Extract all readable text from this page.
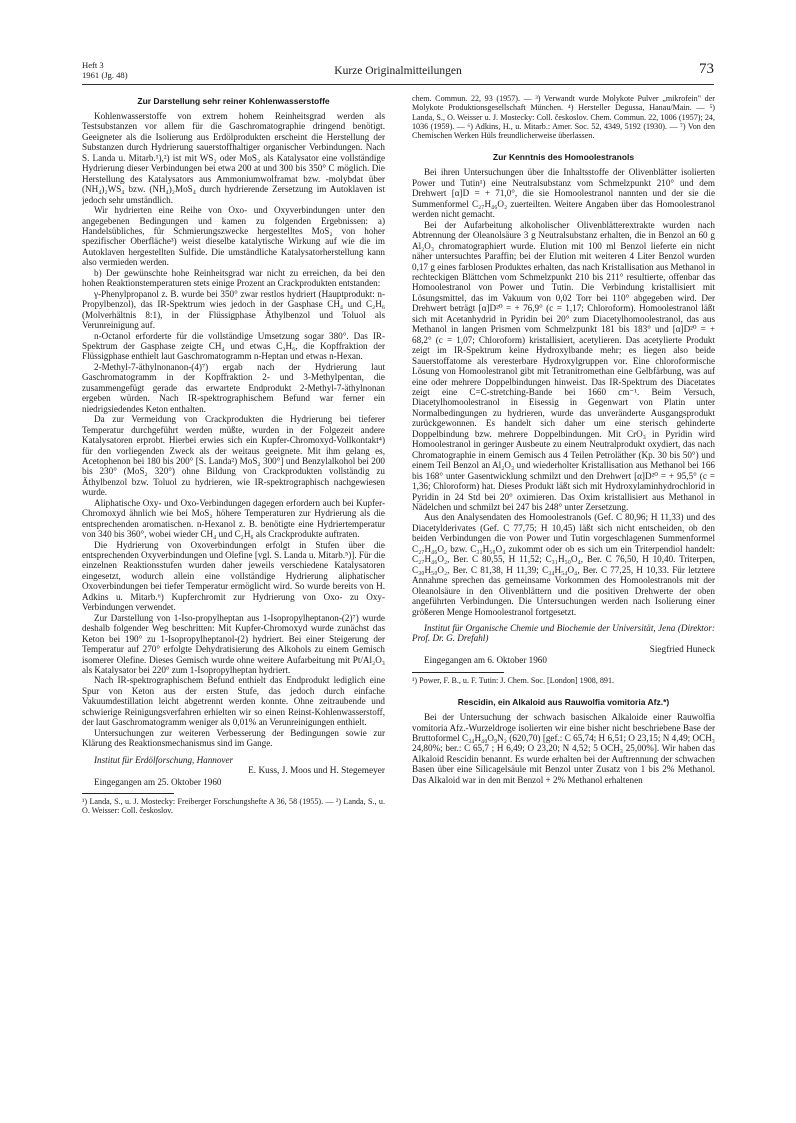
Heft 3
1961 (Jg. 48)	Kurze Originalmitteilungen	73
Zur Darstellung sehr reiner Kohlenwasserstoffe

Kohlenwasserstoffe von extrem hohem Reinheitsgrad werden als Testsubstanzen vor allem für die Gaschromatographie dringend benötigt. Geeigneter als die Isolierung aus Erdölprodukten erscheint die Herstellung der Substanzen durch Hydrierung sauerstoffhaltiger organischer Verbindungen. Nach S. Landa u. Mitarb.¹),²) ist mit WS₂ oder MoS₂ als Katalysator eine vollständige Hydrierung dieser Verbindungen bei etwa 200 at und 300 bis 350° C möglich. Die Herstellung des Katalysators aus Ammoniumwolframat bzw. -molybdat über (NH₄)₂WS₄ bzw. (NH₄)₂MoS₄ durch hydrierende Zersetzung im Autoklaven ist jedoch sehr umständlich.

Wir hydrierten eine Reihe von Oxo- und Oxyverbindungen unter den angegebenen Bedingungen und kamen zu folgenden Ergebnissen: a) Handelsübliches, für Schmierungszwecke hergestelltes MoS₂ von hoher spezifischer Oberfläche³) weist dieselbe katalytische Wirkung auf wie die im Autoklaven hergestellten Sulfide. Die umständliche Katalysatorherstellung kann also vermieden werden.

b) Der gewünschte hohe Reinheitsgrad war nicht zu erreichen, da bei den hohen Reaktionstemperaturen stets einige Prozent an Crackprodukten entstanden:

γ-Phenylpropanol z. B. wurde bei 350° zwar restlos hydriert (Hauptprodukt: n-Propylbenzol), das IR-Spektrum wies jedoch in der Gasphase CH₄ und C₂H₆ (Molverhältnis 8:1), in der Flüssigphase Äthylbenzol und Toluol als Verunreinigung auf.

n-Octanol erforderte für die vollständige Umsetzung sogar 380°. Das IR-Spektrum der Gasphase zeigte CH₄ und etwas C₂H₆, die Kopffraktion der Flüssigphase enthielt laut Gaschromatogramm n-Heptan und etwas n-Hexan.

2-Methyl-7-äthylnonanon-(4)⁷) ergab nach der Hydrierung laut Gaschromatogramm in der Kopffraktion 2- und 3-Methylpentan, die zusammengefügt gerade das erwartete Endprodukt 2-Methyl-7-äthylnonan ergeben würden. Nach IR-spektrographischem Befund war ferner ein niedrigsiedendes Keton enthalten.

Da zur Vermeidung von Crackprodukten die Hydrierung bei tieferer Temperatur durchgeführt werden müßte, wurden in der Folgezeit andere Katalysatoren erprobt. Hierbei erwies sich ein Kupfer-Chromoxyd-Vollkontakt⁴) für den vorliegenden Zweck als der weitaus geeignete. Mit ihm gelang es, Acetophenon bei 180 bis 200° [S. Landa²) MoS₂ 300°] und Benzylalkohol bei 200 bis 230° (MoS₂ 320°) ohne Bildung von Crackprodukten vollständig zu Äthylbenzol bzw. Toluol zu hydrieren, wie IR-spektrographisch nachgewiesen wurde.

Aliphatische Oxy- und Oxo-Verbindungen dagegen erfordern auch bei Kupfer-Chromoxyd ähnlich wie bei MoS₂ höhere Temperaturen zur Hydrierung als die entsprechenden aromatischen. n-Hexanol z. B. benötigte eine Hydriertemperatur von 340 bis 360°, wobei wieder CH₄ und C₂H₆ als Crackprodukte auftraten.

Die Hydrierung von Oxoverbindungen erfolgt in Stufen über die entsprechenden Oxyverbindungen und Olefine [vgl. S. Landa u. Mitarb.⁵)]. Für die einzelnen Reaktionsstufen wurden daher jeweils verschiedene Katalysatoren eingesetzt, wodurch allein eine vollständige Hydrierung aliphatischer Oxoverbindungen bei tiefer Temperatur ermöglicht wird. So wurde bereits von H. Adkins u. Mitarb.⁶) Kupferchromit zur Hydrierung von Oxo- zu Oxy-Verbindungen verwendet.

Zur Darstellung von 1-Iso-propylheptan aus 1-Isopropylheptanon-(2)⁷) wurde deshalb folgender Weg beschritten: Mit Kupfer-Chromoxyd wurde zunächst das Keton bei 190° zu 1-Isopropylheptanol-(2) hydriert. Bei einer Steigerung der Temperatur auf 270° erfolgte Dehydratisierung des Alkohols zu einem Gemisch isomerer Olefine. Dieses Gemisch wurde ohne weitere Aufarbeitung mit Pt/Al₂O₃ als Katalysator bei 220° zum 1-Isopropylheptan hydriert.

Nach IR-spektrographischem Befund enthielt das Endprodukt lediglich eine Spur von Keton aus der ersten Stufe, das jedoch durch einfache Vakuumdestillation leicht abgetrennt werden konnte. Ohne zeitraubende und schwierige Reinigungsverfahren erhielten wir so einen Reinst-Kohlenwasserstoff, der laut Gaschromatogramm weniger als 0,01% an Verunreinigungen enthielt.

Untersuchungen zur weiteren Verbesserung der Bedingungen sowie zur Klärung des Reaktionsmechanismus sind im Gange.

Institut für Erdölforschung, Hannover
E. Kuss, J. Moos und H. Stegemeyer
Eingegangen am 25. Oktober 1960
¹) Landa, S., u. J. Mostecky: Freiberger Forschungshefte A 36, 58 (1955). — ²) Landa, S., u. O. Weisser: Coll. českoslov.
chem. Commun. 22, 93 (1957). — ³) Verwandt wurde Molykote Pulver „mikrofein" der Molykote Produktionsgesellschaft München. ⁴) Hersteller Degussa, Hanau/Main. — ⁵) Landa, S., O. Weisser u. J. Mostecky: Coll. českoslov. Chem. Commun. 22, 1006 (1957); 24, 1036 (1959). — ⁶) Adkins, H., u. Mitarb.: Amer. Soc. 52, 4349, 5192 (1930). — ⁷) Von den Chemischen Werken Hüls freundlicherweise überlassen.
Zur Kenntnis des Homoolestranols

Bei ihren Untersuchungen über die Inhaltsstoffe der Olivenblätter isolierten Power und Tutin¹) eine Neutralsubstanz vom Schmelzpunkt 210° und dem Drehwert [α]D = + 71,0°, die sie Homoolestranol nannten und der sie die Summenformel C₂₇H₄₆O₂ zuerteilten. Weitere Angaben über das Homoolestranol werden nicht gemacht.

Bei der Aufarbeitung alkoholischer Olivenblätterextrakte wurden nach Abtrennung der Oleanolsäure 3 g Neutralsubstanz erhalten, die in Benzol an 60 g Al₂O₃ chromatographiert wurde. Elution mit 100 ml Benzol lieferte ein nicht näher untersuchtes Paraffin; bei der Elution mit weiteren 4 Liter Benzol wurden 0,17 g eines farblosen Produktes erhalten, das nach Kristallisation aus Methanol in rechteckigen Blättchen vom Schmelzpunkt 210 bis 211° resultierte, offenbar das Homoolestranol von Power und Tutin. Die Verbindung kristallisiert mit Lösungsmittel, das im Vakuum von 0,02 Torr bei 110° abgegeben wird. Der Drehwert beträgt [α]D²⁰ = + 76,9° (c = 1,17; Chloroform). Homoolestranol läßt sich mit Acetanhydrid in Pyridin bei 20° zum Diacetylhomoolestranol, das aus Methanol in langen Prismen vom Schmelzpunkt 181 bis 183° und [α]D²⁰ = + 68,2° (c = 1,07; Chloroform) kristallisiert, acetylieren. Das acetylierte Produkt zeigt im IR-Spektrum keine Hydroxylbande mehr; es liegen also beide Sauerstoffatome als veresterbare Hydroxylgruppen vor. Eine chloroformische Lösung von Homoolestranol gibt mit Tetranitromethan eine Gelbfärbung, was auf eine oder mehrere Doppelbindungen hinweist. Das IR-Spektrum des Diacetates zeigt eine C=C-stretching-Bande bei 1660 cm⁻¹. Beim Versuch, Diacetylhomoolestranol in Eisessig in Gegenwart von Platin unter Normalbedingungen zu hydrieren, wurde das unveränderte Ausgangsprodukt zurückgewonnen. Es handelt sich daher um eine sterisch gehinderte Doppelbindung bzw. mehrere Doppelbindungen. Mit CrO₃ in Pyridin wird Homoolestranol in geringer Ausbeute zu einem Neutralprodukt oxydiert, das nach Chromatographie in einem Gemisch aus 4 Teilen Petroläther (Kp. 30 bis 50°) und einem Teil Benzol an Al₂O₃ und wiederholter Kristallisation aus Methanol bei 166 bis 168° unter Gasentwicklung schmilzt und den Drehwert [α]D²⁰ = + 95,5° (c = 1,36; Chloroform) hat. Dieses Produkt läßt sich mit Hydroxylaminhydrochlorid in Pyridin in 24 Std bei 20° oximieren. Das Oxim kristallisiert aus Methanol in Nädelchen und schmilzt bei 247 bis 248° unter Zersetzung.

Aus den Analysendaten des Homoolestranols (Gef. C 80,96; H 11,33) und des Diacetylderivates (Gef. C 77,75; H 10,45) läßt sich nicht entscheiden, ob den beiden Verbindungen die von Power und Tutin vorgeschlagenen Summenformel C₂₇H₄₆O₂ bzw. C₃₁H₅₀O₄ zukommt oder ob es sich um ein Triterpendiol handelt: C₂₇H₄₆O₂, Ber. C 80,55, H 11,52; C₃₁H₅₀O₄, Ber. C 76,50, H 10,40. Triterpen, C₃₀H₅₀O₂, Ber. C 81,38, H 11,39; C₃₄H₅₄O₄, Ber. C 77,25, H 10,33. Für letztere Annahme sprechen das gemeinsame Vorkommen des Homoolestranols mit der Oleanolsäure in den Olivenblättern und die positiven Drehwerte der oben angeführten Verbindungen. Die Untersuchungen werden nach Isolierung einer größeren Menge Homoolestranol fortgesetzt.

Institut für Organische Chemie und Biochemie der Universität, Jena (Direktor: Prof. Dr. G. Drefahl)
Siegfried Huneck
Eingegangen am 6. Oktober 1960
¹) Power, F. B., u. F. Tutin: J. Chem. Soc. [London] 1908, 891.
Rescidin, ein Alkaloid aus Rauwolfia vomitoria Afz.*)

Bei der Untersuchung der schwach basischen Alkaloide einer Rauwolfia vomitoria Afz.-Wurzeldroge isolierten wir eine bisher nicht beschriebene Base der Bruttoformel C₃₄H₄₀O₉N₂ (620,70) [gef.: C 65,74; H 6,51; O 23,15; N 4,49; OCH₃ 24,80%; ber.: C 65,7 ; H 6,49; O 23,20; N 4,52; 5 OCH₃ 25,00%]. Wir haben das Alkaloid Rescidin benannt. Es wurde erhalten bei der Auftrennung der schwachen Basen über eine Silicagelsäule mit Benzol unter Zusatz von 1 bis 2% Methanol. Das Alkaloid war in den mit Benzol + 2% Methanol erhaltenen
